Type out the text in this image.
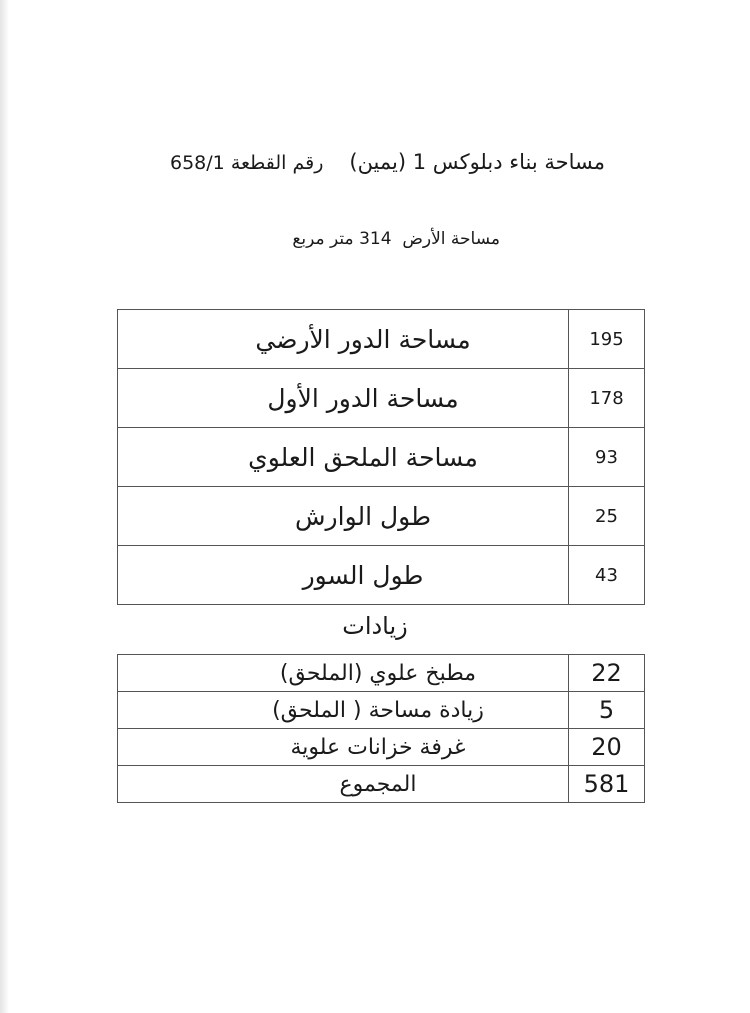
مساحة بناء دبلوكس 1 (يمين)رقم القطعة 658/1
مساحة الأرض  314 متر مربع
مساحة الدور الأرضي	195
مساحة الدور الأول	178
مساحة الملحق العلوي	93
طول الوارش	25
طول السور	43
زيادات
مطبخ علوي (الملحق)	22
زيادة مساحة ( الملحق)	5
غرفة خزانات علوية	20
المجموع	581
